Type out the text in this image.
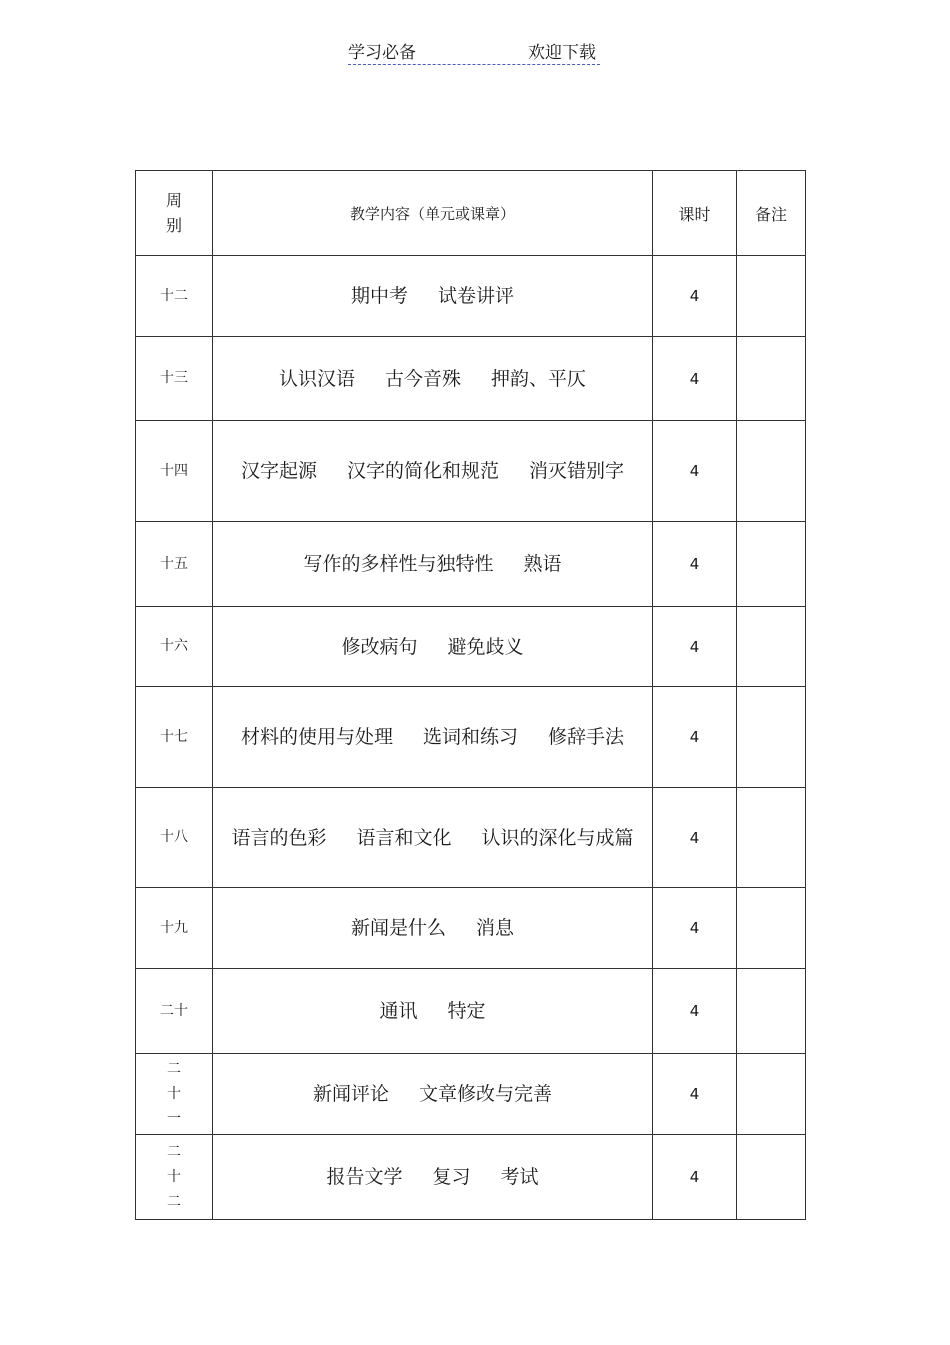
学习必备	欢迎下载
周别	教学内容（单元或课章）	课时	备注

十二	期中考 试卷讲评	4	

十三	认识汉语 古今音殊 押韵、平仄	4	

十四	汉字起源 汉字的简化和规范 消灭错别字	4	

十五	写作的多样性与独特性 熟语	4	

十六	修改病句 避免歧义	4	

十七	材料的使用与处理 选词和练习 修辞手法	4	

十八	语言的色彩 语言和文化 认识的深化与成篇	4	

十九	新闻是什么 消息	4	

二十	通讯 特定	4	

二十一	新闻评论 文章修改与完善	4	

二十二	报告文学 复习 考试	4	
